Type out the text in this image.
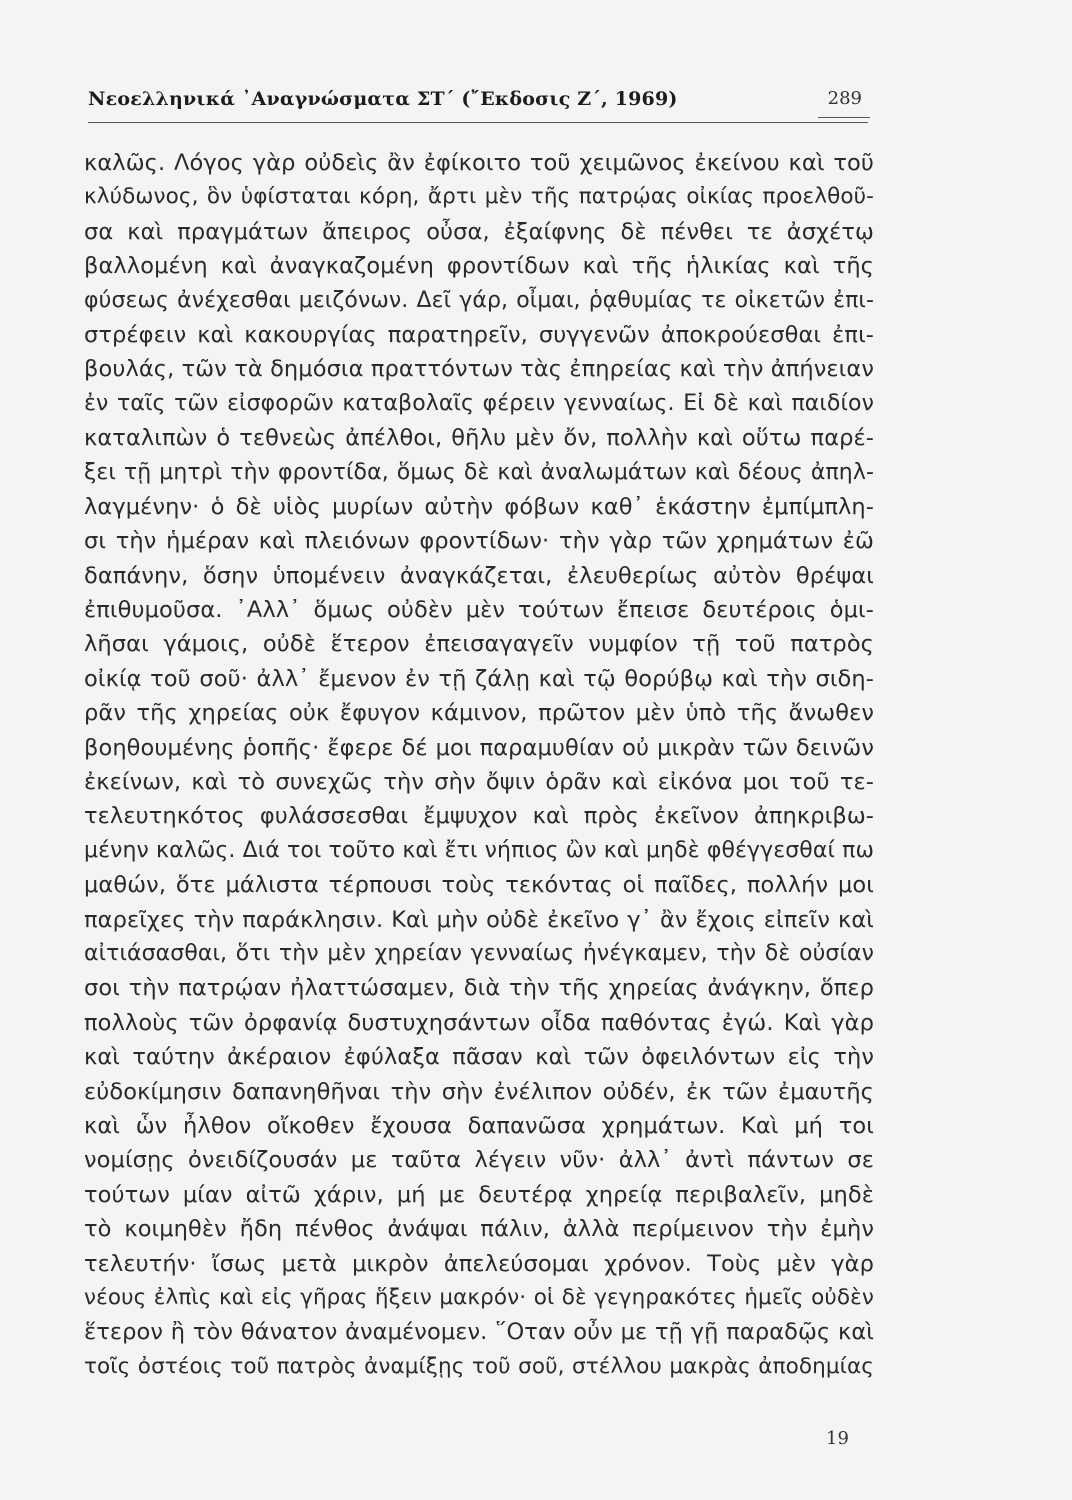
Νεοελληνικά ᾿Αναγνώσματα ΣΤ΄ (῎Εκδοσις Ζ΄, 1969)	289
καλῶς. Λόγος γὰρ οὐδεὶς ἂν ἐφίκοιτο τοῦ χειμῶνος ἐκείνου καὶ τοῦ
κλύδωνος, ὃν ὑφίσταται κόρη, ἄρτι μὲν τῆς πατρῴας οἰκίας προελθοῦ-
σα καὶ πραγμάτων ἄπειρος οὖσα, ἐξαίφνης δὲ πένθει τε ἀσχέτῳ
βαλλομένη καὶ ἀναγκαζομένη φροντίδων καὶ τῆς ἡλικίας καὶ τῆς
φύσεως ἀνέχεσθαι μειζόνων. Δεῖ γάρ, οἶμαι, ῥᾳθυμίας τε οἰκετῶν ἐπι-
στρέφειν καὶ κακουργίας παρατηρεῖν, συγγενῶν ἀποκρούεσθαι ἐπι-
βουλάς, τῶν τὰ δημόσια πραττόντων τὰς ἐπηρείας καὶ τὴν ἀπήνειαν
ἐν ταῖς τῶν εἰσφορῶν καταβολαῖς φέρειν γενναίως. Εἰ δὲ καὶ παιδίον
καταλιπὼν ὁ τεθνεὼς ἀπέλθοι, θῆλυ μὲν ὄν, πολλὴν καὶ οὕτω παρέ-
ξει τῇ μητρὶ τὴν φροντίδα, ὅμως δὲ καὶ ἀναλωμάτων καὶ δέους ἀπηλ-
λαγμένην· ὁ δὲ υἱὸς μυρίων αὐτὴν φόβων καθ᾿ ἑκάστην ἐμπίμπλη-
σι τὴν ἡμέραν καὶ πλειόνων φροντίδων· τὴν γὰρ τῶν χρημάτων ἐῶ
δαπάνην, ὅσην ὑπομένειν ἀναγκάζεται, ἐλευθερίως αὐτὸν θρέψαι
ἐπιθυμοῦσα. ᾿Αλλ᾿ ὅμως οὐδὲν μὲν τούτων ἔπεισε δευτέροις ὁμι-
λῆσαι γάμοις, οὐδὲ ἕτερον ἐπεισαγαγεῖν νυμφίον τῇ τοῦ πατρὸς
οἰκίᾳ τοῦ σοῦ· ἀλλ᾿ ἔμενον ἐν τῇ ζάλῃ καὶ τῷ θορύβῳ καὶ τὴν σιδη-
ρᾶν τῆς χηρείας οὐκ ἔφυγον κάμινον, πρῶτον μὲν ὑπὸ τῆς ἄνωθεν
βοηθουμένης ῥοπῆς· ἔφερε δέ μοι παραμυθίαν οὐ μικρὰν τῶν δεινῶν
ἐκείνων, καὶ τὸ συνεχῶς τὴν σὴν ὄψιν ὁρᾶν καὶ εἰκόνα μοι τοῦ τε-
τελευτηκότος φυλάσσεσθαι ἔμψυχον καὶ πρὸς ἐκεῖνον ἀπηκριβω-
μένην καλῶς. Διά τοι τοῦτο καὶ ἔτι νήπιος ὢν καὶ μηδὲ φθέγγεσθαί πω
μαθών, ὅτε μάλιστα τέρπουσι τοὺς τεκόντας οἱ παῖδες, πολλήν μοι
παρεῖχες τὴν παράκλησιν. Καὶ μὴν οὐδὲ ἐκεῖνο γ᾿ ἂν ἔχοις εἰπεῖν καὶ
αἰτιάσασθαι, ὅτι τὴν μὲν χηρείαν γενναίως ἠνέγκαμεν, τὴν δὲ οὐσίαν
σοι τὴν πατρῴαν ἠλαττώσαμεν, διὰ τὴν τῆς χηρείας ἀνάγκην, ὅπερ
πολλοὺς τῶν ὀρφανίᾳ δυστυχησάντων οἶδα παθόντας ἐγώ. Καὶ γὰρ
καὶ ταύτην ἀκέραιον ἐφύλαξα πᾶσαν καὶ τῶν ὀφειλόντων εἰς τὴν
εὐδοκίμησιν δαπανηθῆναι τὴν σὴν ἐνέλιπον οὐδέν, ἐκ τῶν ἐμαυτῆς
καὶ ὧν ἦλθον οἴκοθεν ἔχουσα δαπανῶσα χρημάτων. Καὶ μή τοι
νομίσῃς ὀνειδίζουσάν με ταῦτα λέγειν νῦν· ἀλλ᾿ ἀντὶ πάντων σε
τούτων μίαν αἰτῶ χάριν, μή με δευτέρᾳ χηρείᾳ περιβαλεῖν, μηδὲ
τὸ κοιμηθὲν ἤδη πένθος ἀνάψαι πάλιν, ἀλλὰ περίμεινον τὴν ἐμὴν
τελευτήν· ἴσως μετὰ μικρὸν ἀπελεύσομαι χρόνον. Τοὺς μὲν γὰρ
νέους ἐλπὶς καὶ εἰς γῆρας ἥξειν μακρόν· οἱ δὲ γεγηρακότες ἡμεῖς οὐδὲν
ἕτερον ἢ τὸν θάνατον ἀναμένομεν. ῞Οταν οὖν με τῇ γῇ παραδῷς καὶ
τοῖς ὀστέοις τοῦ πατρὸς ἀναμίξῃς τοῦ σοῦ, στέλλου μακρὰς ἀποδημίας
19
